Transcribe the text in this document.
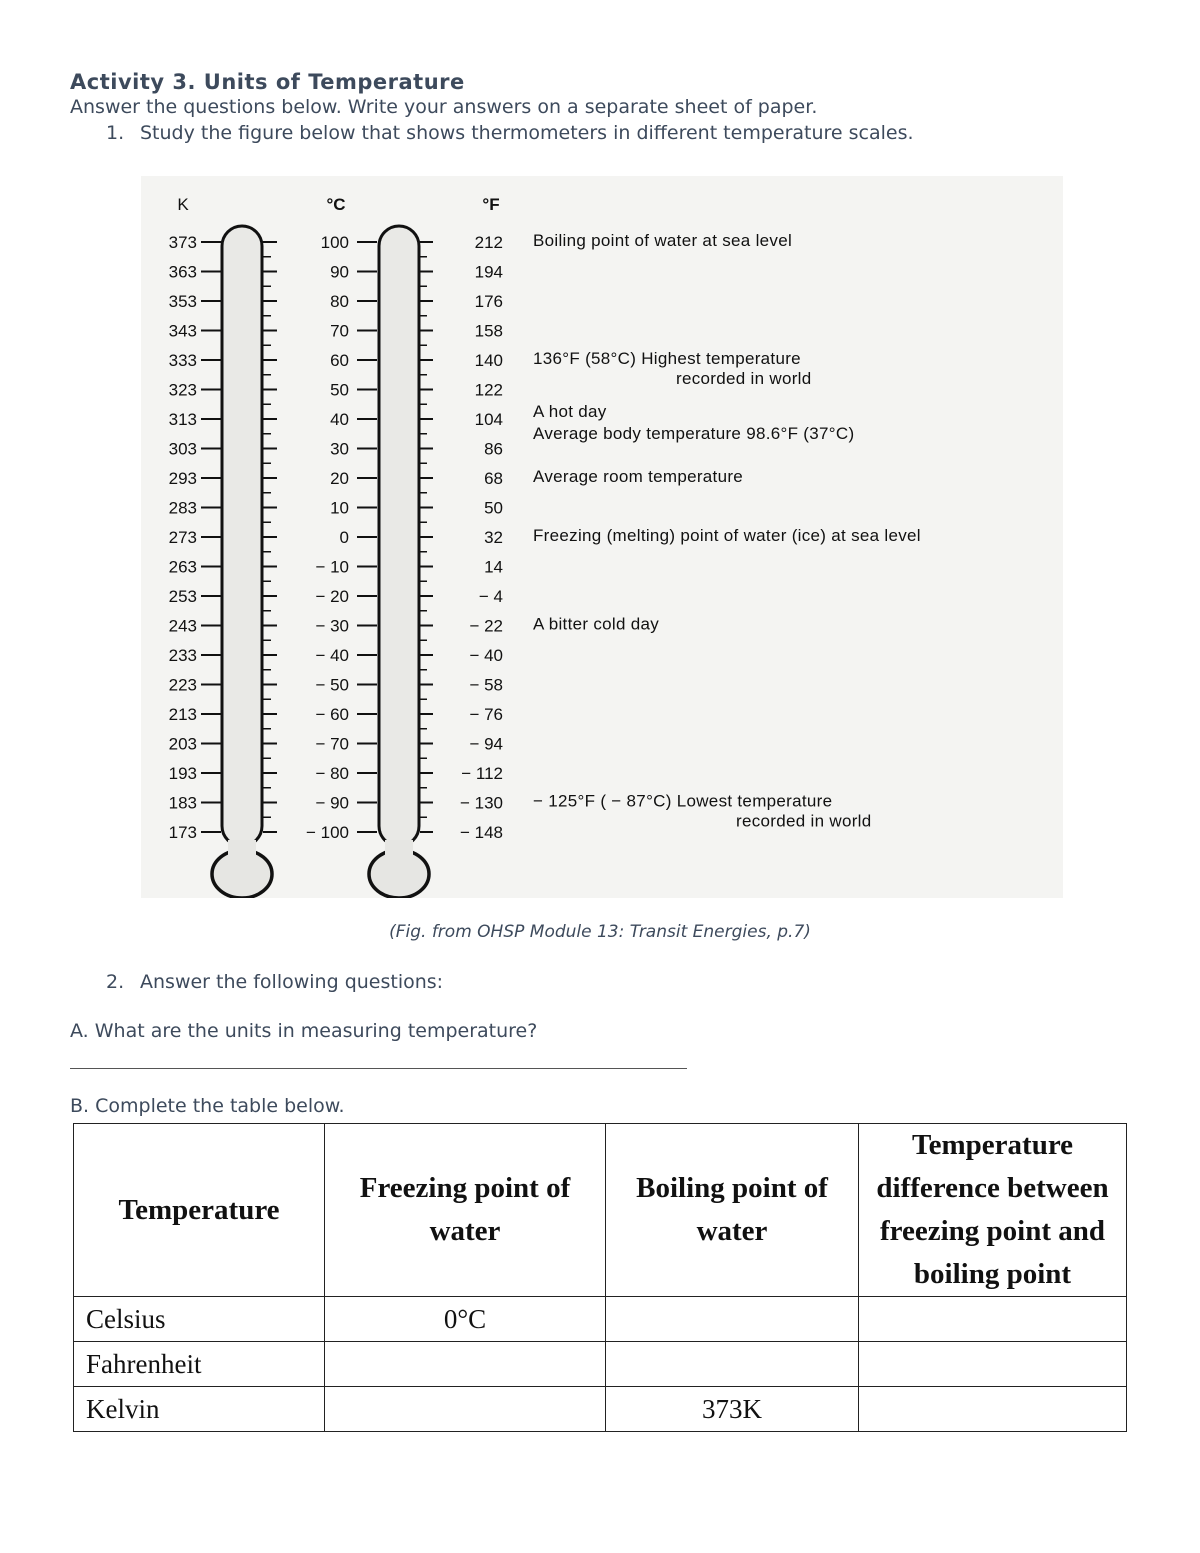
Activity 3. Units of Temperature
Answer the questions below. Write your answers on a separate sheet of paper.
1. Study the figure below that shows thermometers in different temperature scales.
K	°C	°F
373	100	212
363	90	194
353	80	176
343	70	158
333	60	140
323	50	122
313	40	104
303	30	86
293	20	68
283	10	50
273	0	32
263	− 10	14
253	− 20	− 4
243	− 30	− 22
233	− 40	− 40
223	− 50	− 58
213	− 60	− 76
203	− 70	− 94
193	− 80	− 112
183	− 90	− 130
173	− 100	− 148
Boiling point of water at sea level
136°F (58°C) Highest temperature
recorded in world
A hot day
Average body temperature 98.6°F (37°C)
Average room temperature
Freezing (melting) point of water (ice) at sea level
A bitter cold day
− 125°F ( − 87°C) Lowest temperature
recorded in world
(Fig. from OHSP Module 13: Transit Energies, p.7)
2. Answer the following questions:
A. What are the units in measuring temperature?
B. Complete the table below.
Temperature	Freezing point of water	Boiling point of water	Temperature difference between freezing point and boiling point
Celsius	0°C		
Fahrenheit			
Kelvin		373K	
